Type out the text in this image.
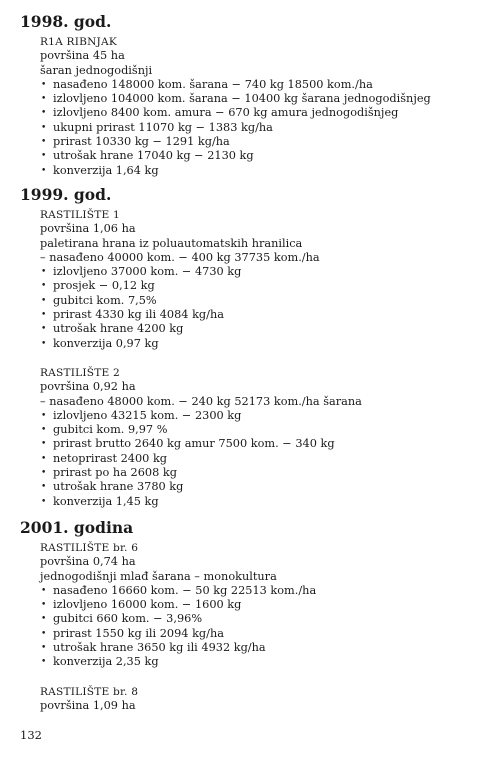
1998. god.
R1A RIBNJAK
površina 45 ha
šaran jednogodišnji
• nasađeno 148000 kom. šarana − 740 kg 18500 kom./ha
• izlovljeno 104000 kom. šarana − 10400 kg šarana jednogodišnjeg
• izlovljeno 8400 kom. amura − 670 kg amura jednogodišnjeg
• ukupni prirast 11070 kg − 1383 kg/ha
• prirast 10330 kg − 1291 kg/ha
• utrošak hrane 17040 kg − 2130 kg
• konverzija 1,64 kg
1999. god.
RASTILIŠTE 1
površina 1,06 ha
paletirana hrana iz poluautomatskih hranilica
– nasađeno 40000 kom. − 400 kg 37735 kom./ha
• izlovljeno 37000 kom. − 4730 kg
• prosjek − 0,12 kg
• gubitci kom. 7,5%
• prirast 4330 kg ili 4084 kg/ha
• utrošak hrane 4200 kg
• konverzija 0,97 kg
RASTILIŠTE 2
površina 0,92 ha
– nasađeno 48000 kom. − 240 kg 52173 kom./ha šarana
• izlovljeno 43215 kom. − 2300 kg
• gubitci kom. 9,97 %
• prirast brutto 2640 kg amur 7500 kom. − 340 kg
• netoprirast 2400 kg
• prirast po ha 2608 kg
• utrošak hrane 3780 kg
• konverzija 1,45 kg
2001. godina
RASTILIŠTE br. 6
površina 0,74 ha
jednogodišnji mlađ šarana – monokultura
• nasađeno 16660 kom. − 50 kg 22513 kom./ha
• izlovljeno 16000 kom. − 1600 kg
• gubitci 660 kom. − 3,96%
• prirast 1550 kg ili 2094 kg/ha
• utrošak hrane 3650 kg ili 4932 kg/ha
• konverzija 2,35 kg
RASTILIŠTE br. 8
površina 1,09 ha
132
